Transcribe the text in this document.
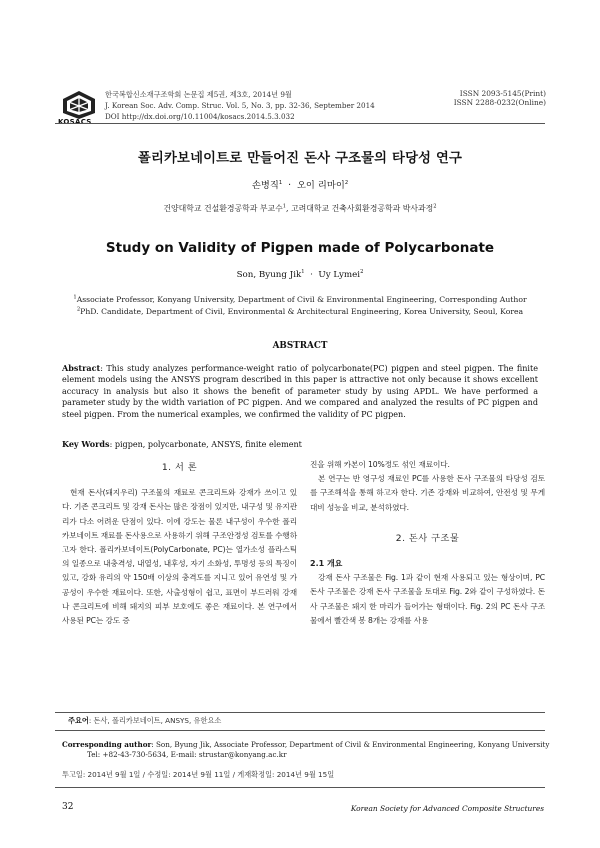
KOSACS
한국복합신소재구조학회 논문집 제5권, 제3호, 2014년 9월
J. Korean Soc. Adv. Comp. Struc. Vol. 5, No. 3, pp. 32-36, September 2014
DOI http://dx.doi.org/10.11004/kosacs.2014.5.3.032
ISSN 2093-5145(Print)
ISSN 2288-0232(Online)
폴리카보네이트로 만들어진 돈사 구조물의 타당성 연구
손병직$^1$ · 오이 리마이$^2$
건양대학교 건설환경공학과 부교수$^1$, 고려대학교 건축사회환경공학과 박사과정$^2$
Study on Validity of Pigpen made of Polycarbonate
Son, Byung Jik$^1$ · Uy Lymei$^2$
$^1$Associate Professor, Konyang University, Department of Civil & Environmental Engineering, Corresponding Author
$^2$PhD. Candidate, Department of Civil, Environmental & Architectural Engineering, Korea University, Seoul, Korea
ABSTRACT
Abstract: This study analyzes performance-weight ratio of polycarbonate(PC) pigpen and steel pigpen. The finite element models using the ANSYS program described in this paper is attractive not only because it shows excellent accuracy in analysis but also it shows the benefit of parameter study by using APDL. We have performed a parameter study by the width variation of PC pigpen. And we compared and analyzed the results of PC pigpen and steel pigpen. From the numerical examples, we confirmed the validity of PC pigpen.
Key Words: pigpen, polycarbonate, ANSYS, finite element
1. 서 론
현재 돈사(돼지우리) 구조물의 재료로 콘크리트와 강재가 쓰이고 있다. 기존 콘크리트 및 강재 돈사는 많은 장점이 있지만, 내구성 및 유지관리가 다소 어려운 단점이 있다. 이에 강도는 물론 내구성이 우수한 폴리카보네이트 재료를 돈사용으로 사용하기 위해 구조안정성 검토를 수행하고자 한다. 폴리카보네이트(PolyCarbonate, PC)는 열가소성 플라스틱의 일종으로 내충격성, 내열성, 내후성, 자기 소화성, 투명성 등의 특징이 있고, 강화 유리의 약 150배 이상의 충격도를 지니고 있어 유연성 및 가공성이 우수한 재료이다. 또한, 사출성형이 쉽고, 표면이 부드러워 강재나 콘크리트에 비해 돼지의 피부 보호에도 좋은 재료이다. 본 연구에서 사용된 PC는 강도 증
진을 위해 카본이 10%정도 섞인 재료이다.
본 연구는 반 영구성 재료인 PC를 사용한 돈사 구조물의 타당성 검토를 구조해석을 통해 하고자 한다. 기존 강재와 비교하여, 안전성 및 무게 대비 성능을 비교, 분석하였다.
2. 돈사 구조물
2.1 개요
강재 돈사 구조물은 Fig. 1과 같이 현재 사용되고 있는 형상이며, PC 돈사 구조물은 강재 돈사 구조물을 토대로 Fig. 2와 같이 구성하였다. 돈사 구조물은 돼지 한 마리가 들어가는 형태이다. Fig. 2의 PC 돈사 구조물에서 빨간색 봉 8개는 강재를 사용
주요어: 돈사, 폴리카보네이트, ANSYS, 유한요소
Corresponding author: Son, Byung Jik, Associate Professor, Department of Civil & Environmental Engineering, Konyang University
Tel: +82-43-730-5634, E-mail: strustar@konyang.ac.kr
투고일: 2014년 9월 1일 / 수정일: 2014년 9월 11일 / 게재확정일: 2014년 9월 15일
32	Korean Society for Advanced Composite Structures
